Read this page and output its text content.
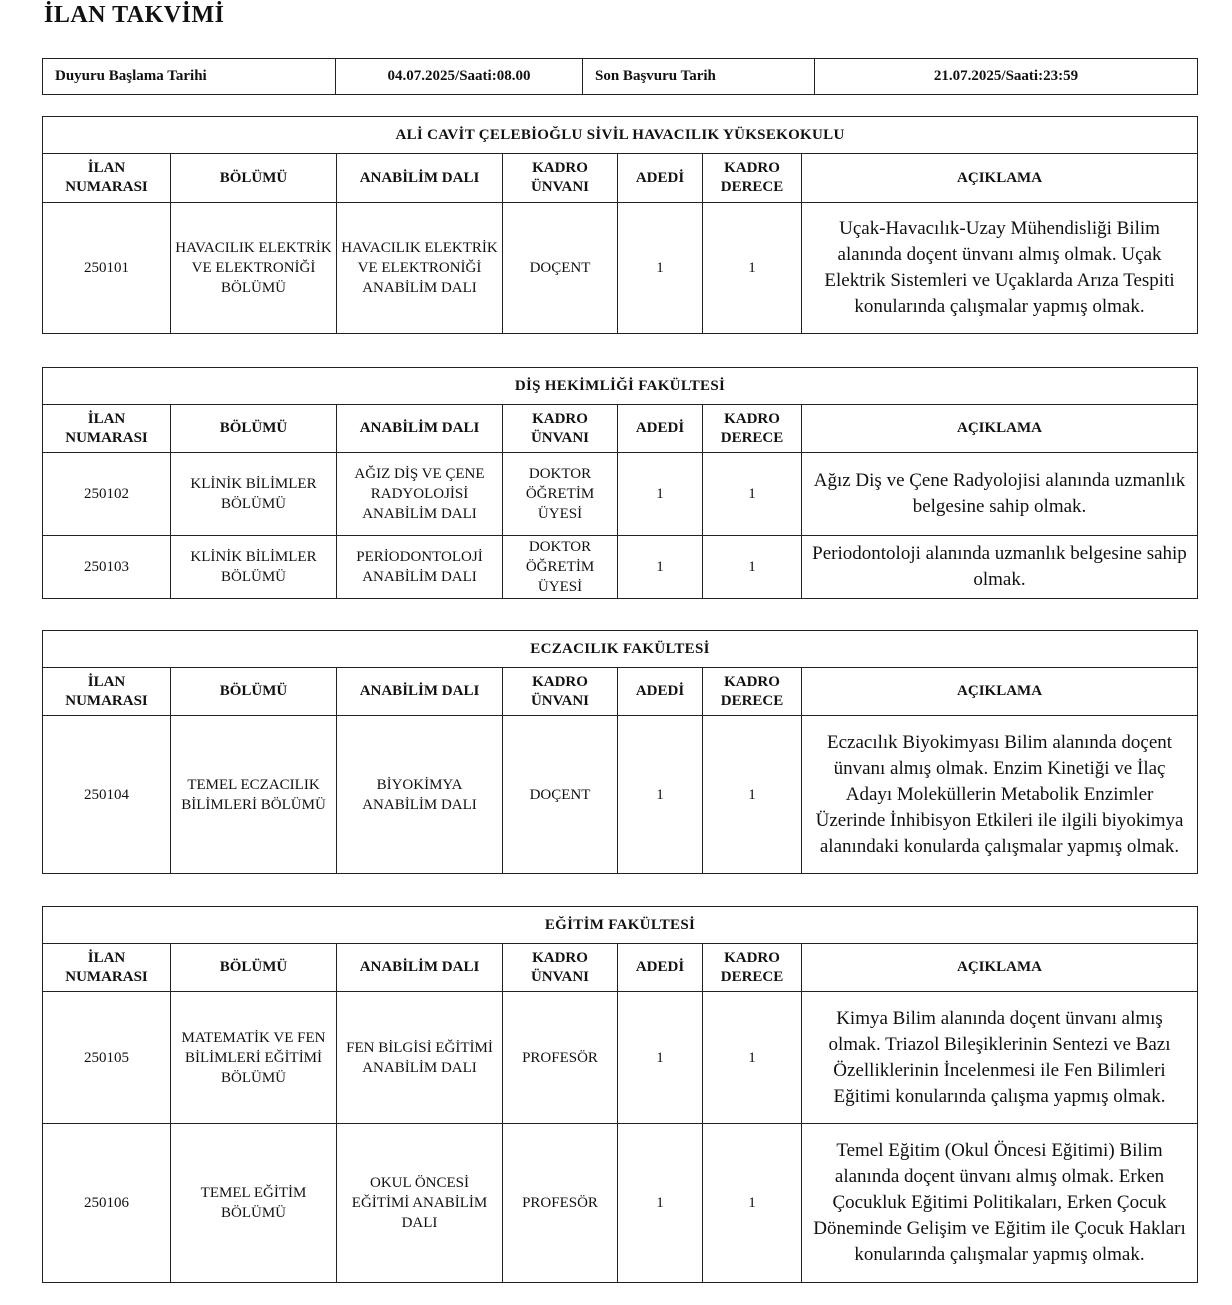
İLAN TAKVİMİ
Duyuru Başlama Tarihi	04.07.2025/Saati:08.00	Son Başvuru Tarih	21.07.2025/Saati:23:59
ALİ CAVİT ÇELEBİOĞLU SİVİL HAVACILIK YÜKSEKOKULU						
İLAN NUMARASI	BÖLÜMÜ	ANABİLİM DALI	KADRO ÜNVANI	ADEDİ	KADRO DERECE	AÇIKLAMA
250101	HAVACILIK ELEKTRİK VE ELEKTRONİĞİ BÖLÜMÜ	HAVACILIK ELEKTRİK VE ELEKTRONİĞİ ANABİLİM DALI	DOÇENT	1	1	Uçak-Havacılık-Uzay Mühendisliği Bilim alanında doçent ünvanı almış olmak. Uçak Elektrik Sistemleri ve Uçaklarda Arıza Tespiti konularında çalışmalar yapmış olmak.
DİŞ HEKİMLİĞİ FAKÜLTESİ						
İLAN NUMARASI	BÖLÜMÜ	ANABİLİM DALI	KADRO ÜNVANI	ADEDİ	KADRO DERECE	AÇIKLAMA
250102	KLİNİK BİLİMLER BÖLÜMÜ	AĞIZ DİŞ VE ÇENE RADYOLOJİSİ ANABİLİM DALI	DOKTOR ÖĞRETİM ÜYESİ	1	1	Ağız Diş ve Çene Radyolojisi alanında uzmanlık belgesine sahip olmak.
250103	KLİNİK BİLİMLER BÖLÜMÜ	PERİODONTOLOJİ ANABİLİM DALI	DOKTOR ÖĞRETİM ÜYESİ	1	1	Periodontoloji alanında uzmanlık belgesine sahip olmak.
ECZACILIK FAKÜLTESİ						
İLAN NUMARASI	BÖLÜMÜ	ANABİLİM DALI	KADRO ÜNVANI	ADEDİ	KADRO DERECE	AÇIKLAMA
250104	TEMEL ECZACILIK BİLİMLERİ BÖLÜMÜ	BİYOKİMYA ANABİLİM DALI	DOÇENT	1	1	Eczacılık Biyokimyası Bilim alanında doçent ünvanı almış olmak. Enzim Kinetiği ve İlaç Adayı Moleküllerin Metabolik Enzimler Üzerinde İnhibisyon Etkileri ile ilgili biyokimya alanındaki konularda çalışmalar yapmış olmak.
EĞİTİM FAKÜLTESİ						
İLAN NUMARASI	BÖLÜMÜ	ANABİLİM DALI	KADRO ÜNVANI	ADEDİ	KADRO DERECE	AÇIKLAMA
250105	MATEMATİK VE FEN BİLİMLERİ EĞİTİMİ BÖLÜMÜ	FEN BİLGİSİ EĞİTİMİ ANABİLİM DALI	PROFESÖR	1	1	Kimya Bilim alanında doçent ünvanı almış olmak. Triazol Bileşiklerinin Sentezi ve Bazı Özelliklerinin İncelenmesi ile Fen Bilimleri Eğitimi konularında çalışma yapmış olmak.
250106	TEMEL EĞİTİM BÖLÜMÜ	OKUL ÖNCESİ EĞİTİMİ ANABİLİM DALI	PROFESÖR	1	1	Temel Eğitim (Okul Öncesi Eğitimi) Bilim alanında doçent ünvanı almış olmak. Erken Çocukluk Eğitimi Politikaları, Erken Çocuk Döneminde Gelişim ve Eğitim ile Çocuk Hakları konularında çalışmalar yapmış olmak.
